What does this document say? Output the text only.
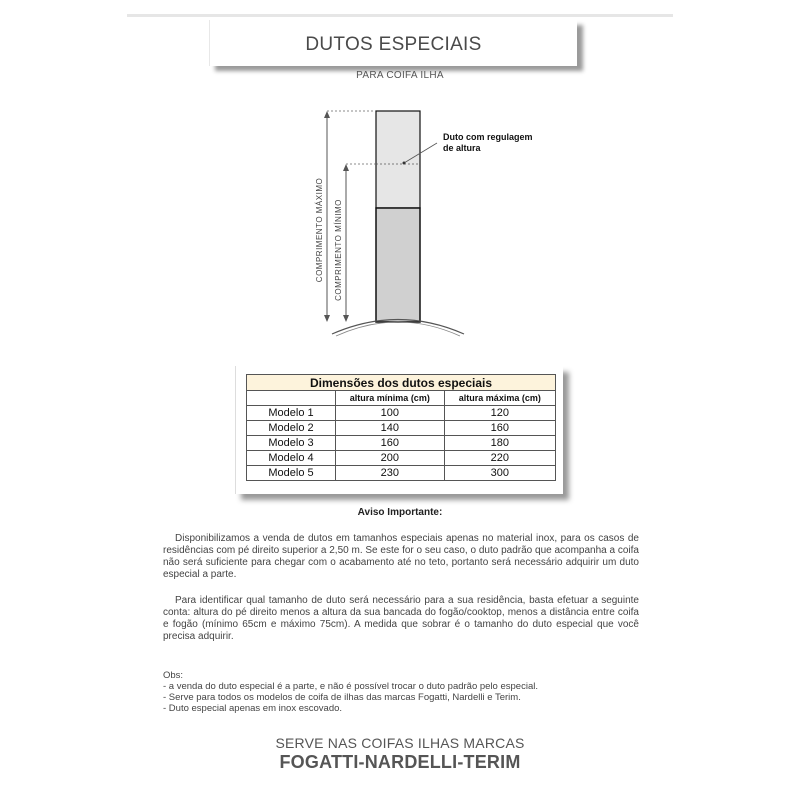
DUTOS ESPECIAIS
PARA COIFA ILHA
COMPRIMENTO MÁXIMO COMPRIMENTO MÍNIMO
Duto com regulagem
de altura
Dimensões dos dutos especiais		
	altura mínima (cm)	altura máxima (cm)
Modelo 1	100	120
Modelo 2	140	160
Modelo 3	160	180
Modelo 4	200	220
Modelo 5	230	300
Aviso Importante:
Disponibilizamos a venda de dutos em tamanhos especiais apenas no material inox, para os casos de residências com pé direito superior a 2,50 m. Se este for o seu caso, o duto padrão que acompanha a coifa não será suficiente para chegar com o acabamento até no teto, portanto será necessário adquirir um duto especial a parte.
Para identificar qual tamanho de duto será necessário para a sua residência, basta efetuar a seguinte conta: altura do pé direito menos a altura da sua bancada do fogão/cooktop, menos a distância entre coifa e fogão (mínimo 65cm e máximo 75cm). A medida que sobrar é o tamanho do duto especial que você precisa adquirir.
Obs:
- a venda do duto especial é a parte, e não é possível trocar o duto padrão pelo especial.
- Serve para todos os modelos de coifa de ilhas das marcas Fogatti, Nardelli e Terim.
- Duto especial apenas em inox escovado.
SERVE NAS COIFAS ILHAS MARCAS
FOGATTI-NARDELLI-TERIM
